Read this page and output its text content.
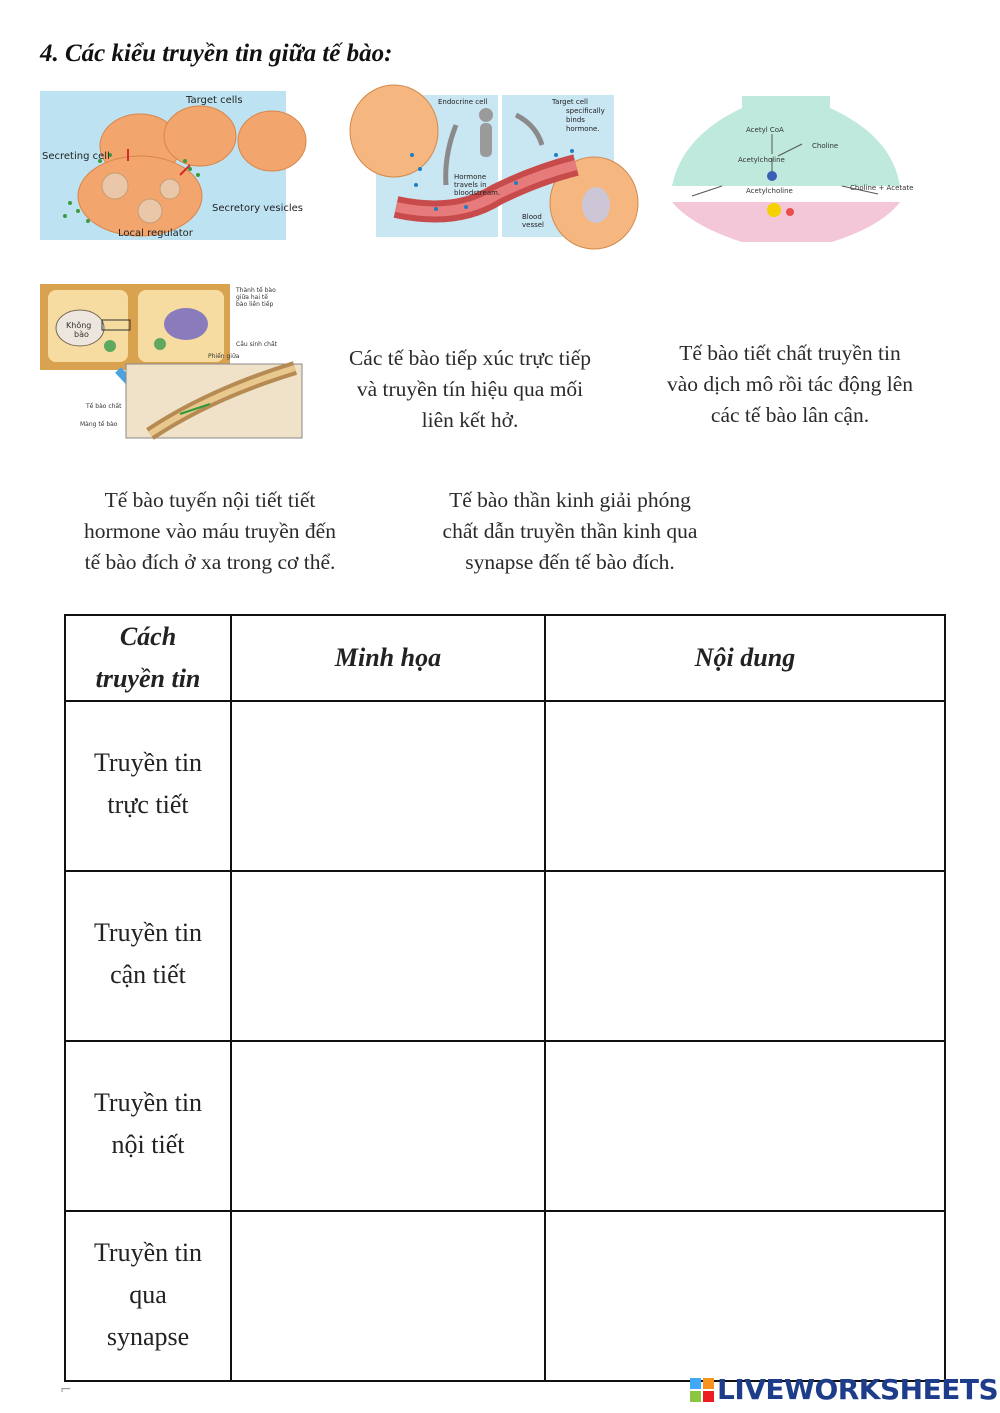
4. Các kiểu truyền tin giữa tế bào:
Target cells
Secreting cell
Secretory vesicles
Local regulator
Endocrine cell	Target cell
specifically
binds
hormone.
Hormone
travels in
bloodstream.
Blood
vessel
Acetyl CoA
Choline
Acetylcholine
Acetylcholine	Choline + Acetate
Thành tế bào
giữa hai tế
bào liền tiếp
Không
bào
Cầu sinh chất
Phiến giữa
Tế bào chất
Màng tế bào
Các tế bào tiếp xúc trực tiếp
và truyền tín hiệu qua mối
liên kết hở.
Tế bào tiết chất truyền tin
vào dịch mô rồi tác động lên
các tế bào lân cận.
Tế bào tuyến nội tiết tiết
hormone vào máu truyền đến
tế bào đích ở xa trong cơ thể.
Tế bào thần kinh giải phóng
chất dẫn truyền thần kinh qua
synapse đến tế bào đích.
Cách
truyền tin	Minh họa	Nội dung

Truyền tin
trực tiết		

Truyền tin
cận tiết		

Truyền tin
nội tiết		

Truyền tin
qua
synapse		

⌐	LIVEWORKSHEETS
